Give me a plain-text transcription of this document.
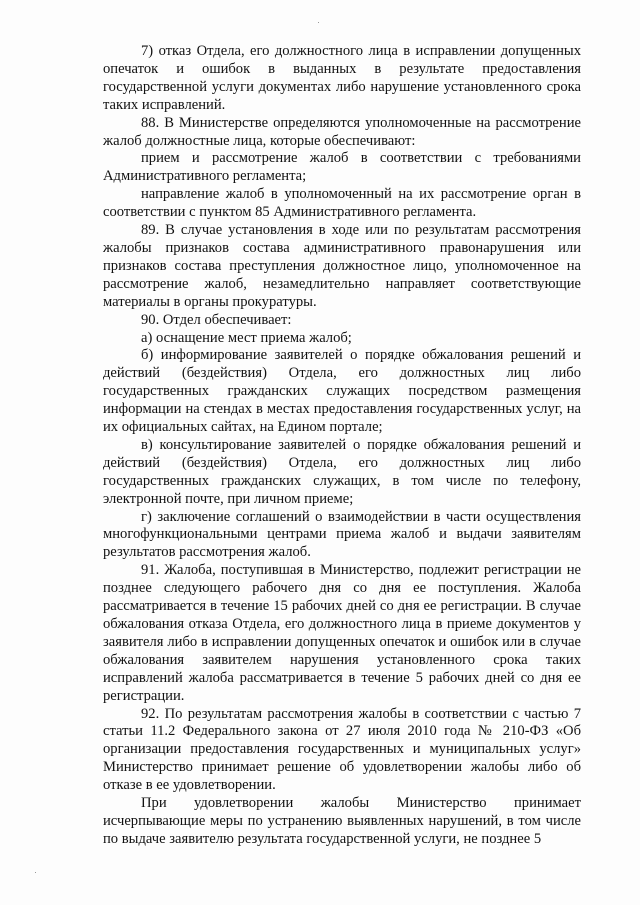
7) отказ Отдела, его должностного лица в исправлении допущенных опечаток и ошибок в выданных в результате предоставления государственной услуги документах либо нарушение установленного срока таких исправлений.

88. В Министерстве определяются уполномоченные на рассмотрение жалоб должностные лица, которые обеспечивают:

прием и рассмотрение жалоб в соответствии с требованиями Административного регламента;

направление жалоб в уполномоченный на их рассмотрение орган в соответствии с пунктом 85 Административного регламента.

89. В случае установления в ходе или по результатам рассмотрения жалобы признаков состава административного правонарушения или признаков состава преступления должностное лицо, уполномоченное на рассмотрение жалоб, незамедлительно направляет соответствующие материалы в органы прокуратуры.

90. Отдел обеспечивает:

а) оснащение мест приема жалоб;

б) информирование заявителей о порядке обжалования решений и действий (бездействия) Отдела, его должностных лиц либо государственных гражданских служащих посредством размещения информации на стендах в местах предоставления государственных услуг, на их официальных сайтах, на Едином портале;

в) консультирование заявителей о порядке обжалования решений и действий (бездействия) Отдела, его должностных лиц либо государственных гражданских служащих, в том числе по телефону, электронной почте, при личном приеме;

г) заключение соглашений о взаимодействии в части осуществления многофункциональными центрами приема жалоб и выдачи заявителям результатов рассмотрения жалоб.

91. Жалоба, поступившая в Министерство, подлежит регистрации не позднее следующего рабочего дня со дня ее поступления. Жалоба рассматривается в течение 15 рабочих дней со дня ее регистрации. В случае обжалования отказа Отдела, его должностного лица в приеме документов у заявителя либо в исправлении допущенных опечаток и ошибок или в случае обжалования заявителем нарушения установленного срока таких исправлений жалоба рассматривается в течение 5 рабочих дней со дня ее регистрации.

92. По результатам рассмотрения жалобы в соответствии с частью 7 статьи 11.2 Федерального закона от 27 июля 2010 года № 210-ФЗ «Об организации предоставления государственных и муниципальных услуг» Министерство принимает решение об удовлетворении жалобы либо об отказе в ее удовлетворении.

При удовлетворении жалобы Министерство принимает исчерпывающие меры по устранению выявленных нарушений, в том числе по выдаче заявителю результата государственной услуги, не позднее 5
